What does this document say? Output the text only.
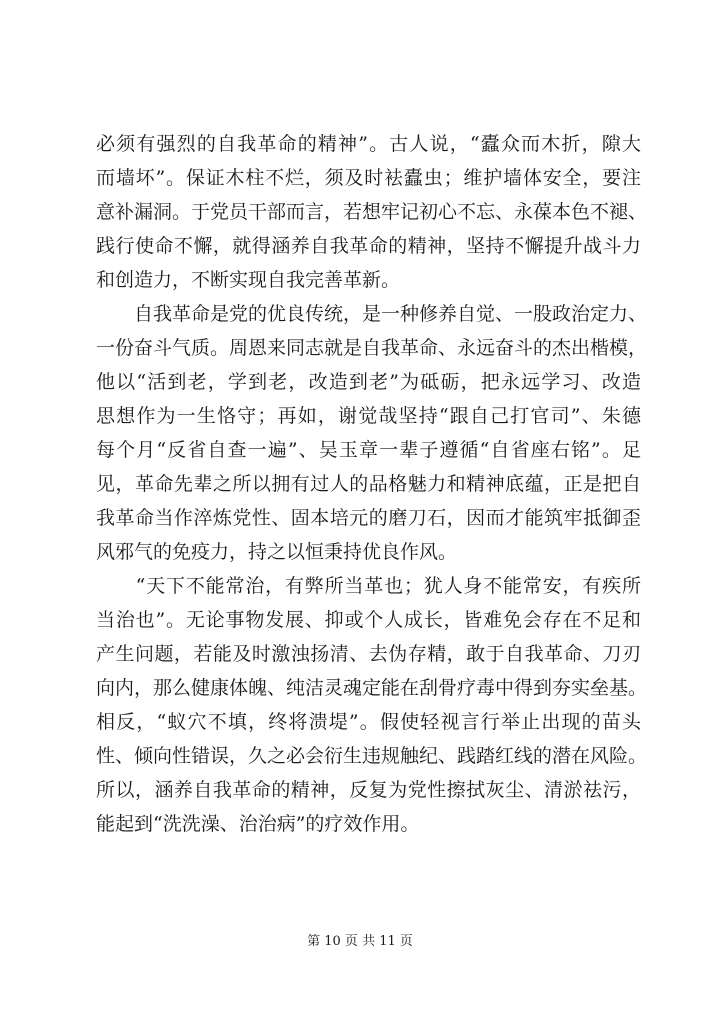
必须有强烈的自我革命的精神”。古人说，“蠹众而木折，隙大
而墙坏”。保证木柱不烂，须及时袪蠹虫；维护墙体安全，要注
意补漏洞。于党员干部而言，若想牢记初心不忘、永葆本色不褪、
践行使命不懈，就得涵养自我革命的精神，坚持不懈提升战斗力
和创造力，不断实现自我完善革新。
　　自我革命是党的优良传统，是一种修养自觉、一股政治定力、
一份奋斗气质。周恩来同志就是自我革命、永远奋斗的杰出楷模，
他以“活到老，学到老，改造到老”为砥砺，把永远学习、改造
思想作为一生恪守；再如，谢觉哉坚持“跟自己打官司”、朱德
每个月“反省自查一遍”、吴玉章一辈子遵循“自省座右铭”。足
见，革命先辈之所以拥有过人的品格魅力和精神底蕴，正是把自
我革命当作淬炼党性、固本培元的磨刀石，因而才能筑牢抵御歪
风邪气的免疫力，持之以恒秉持优良作风。
　　“天下不能常治，有弊所当革也；犹人身不能常安，有疾所
当治也”。无论事物发展、抑或个人成长，皆难免会存在不足和
产生问题，若能及时激浊扬清、去伪存精，敢于自我革命、刀刃
向内，那么健康体魄、纯洁灵魂定能在刮骨疗毒中得到夯实垒基。
相反，“蚁穴不填，终将溃堤”。假使轻视言行举止出现的苗头
性、倾向性错误，久之必会衍生违规触纪、践踏红线的潜在风险。
所以，涵养自我革命的精神，反复为党性擦拭灰尘、清淤祛污，
能起到“洗洗澡、治治病”的疗效作用。
第 10 页 共 11 页
